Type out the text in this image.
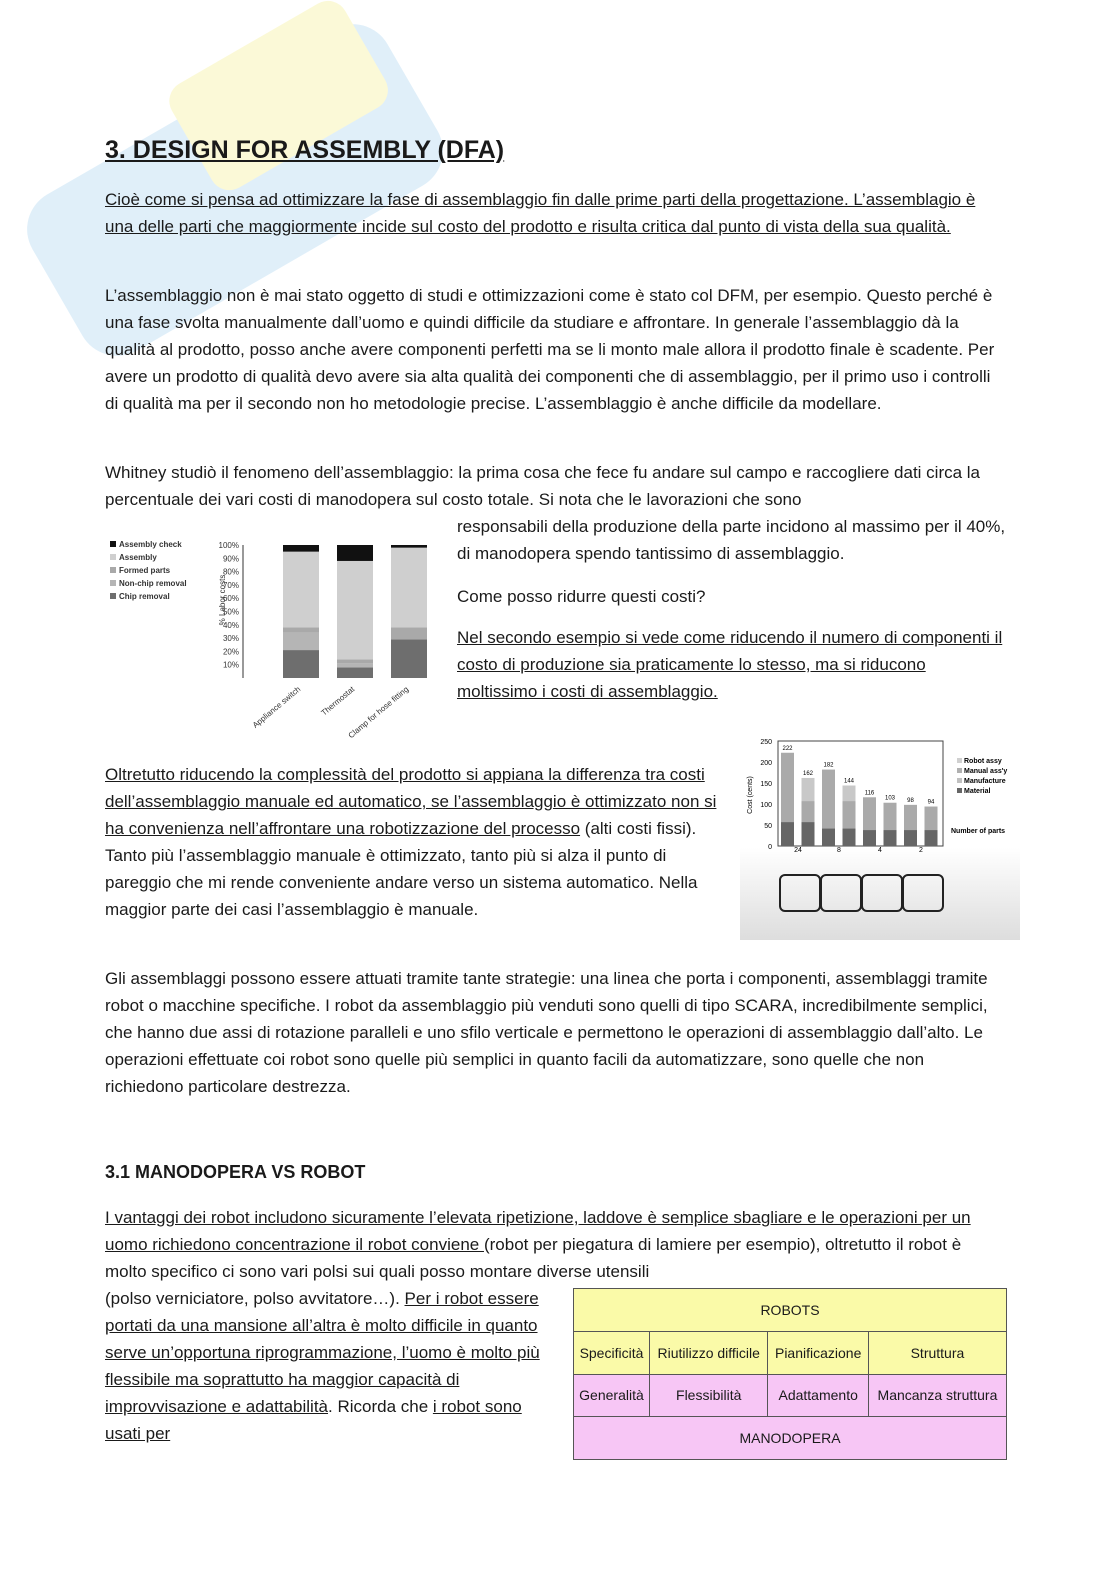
3. DESIGN FOR ASSEMBLY (DFA)

Cioè come si pensa ad ottimizzare la fase di assemblaggio fin dalle prime parti della progettazione. L’assemblagio è una delle parti che maggiormente incide sul costo del prodotto e risulta critica dal punto di vista della sua qualità.

L’assemblaggio non è mai stato oggetto di studi e ottimizzazioni come è stato col DFM, per esempio. Questo perché è una fase svolta manualmente dall’uomo e quindi difficile da studiare e affrontare. In generale l’assemblaggio dà la qualità al prodotto, posso anche avere componenti perfetti ma se li monto male allora il prodotto finale è scadente. Per avere un prodotto di qualità devo avere sia alta qualità dei componenti che di assemblaggio, per il primo uso i controlli di qualità ma per il secondo non ho metodologie precise. L’assemblaggio è anche difficile da modellare.

Whitney studiò il fenomeno dell’assemblaggio: la prima cosa che fece fu andare sul campo e raccogliere dati circa la percentuale dei vari costi di manodopera sul costo totale. Si nota che le lavorazioni che sono

responsabili della produzione della parte incidono al massimo per il 40%, di manodopera spendo tantissimo di assemblaggio.

Come posso ridurre questi costi?

Nel secondo esempio si vede come riducendo il numero di componenti il costo di produzione sia praticamente lo stesso, ma si riducono moltissimo i costi di assemblaggio.

Assembly check
Assembly
Formed parts
Non-chip removal
Chip removal
10%
20%
30%
40%
50%
60%
70%
80%
90%
100%
% Labor costs
Appliance switch Thermostat
Clamp for hose fitting
0
50
100
150
200
250
Cost (cents)
222
162
182
144
116
103 98 94
Robot assy
Manual ass'y
Manufacture
Material
Number of parts
24	8	4	2

Oltretutto riducendo la complessità del prodotto si appiana la differenza tra costi dell’assemblaggio manuale ed automatico, se l’assemblaggio è ottimizzato non si ha convenienza nell’affrontare una robotizzazione del processo (alti costi fissi). Tanto più l’assemblaggio manuale è ottimizzato, tanto più si alza il punto di pareggio che mi rende conveniente andare verso un sistema automatico. Nella maggior parte dei casi l’assemblaggio è manuale.

Gli assemblaggi possono essere attuati tramite tante strategie: una linea che porta i componenti, assemblaggi tramite robot o macchine specifiche. I robot da assemblaggio più venduti sono quelli di tipo SCARA, incredibilmente semplici, che hanno due assi di rotazione paralleli e uno sfilo verticale e permettono le operazioni di assemblaggio dall’alto. Le operazioni effettuate coi robot sono quelle più semplici in quanto facili da automatizzare, sono quelle che non richiedono particolare destrezza.

3.1 MANODOPERA VS ROBOT

I vantaggi dei robot includono sicuramente l’elevata ripetizione, laddove è semplice sbagliare e le operazioni per un uomo richiedono concentrazione il robot conviene (robot per piegatura di lamiere per esempio), oltretutto il robot è molto specifico ci sono vari polsi sui quali posso montare diverse utensili

(polso verniciatore, polso avvitatore…). Per i robot essere portati da una mansione all’altra è molto difficile in quanto serve un’opportuna riprogrammazione, l’uomo è molto più flessibile ma soprattutto ha maggior capacità di improvvisazione e adattabilità. Ricorda che i robot sono usati per

ROBOTS			
Specificità	Riutilizzo difficile	Pianificazione	Struttura
Generalità	Flessibilità	Adattamento	Mancanza struttura
MANODOPERA			
